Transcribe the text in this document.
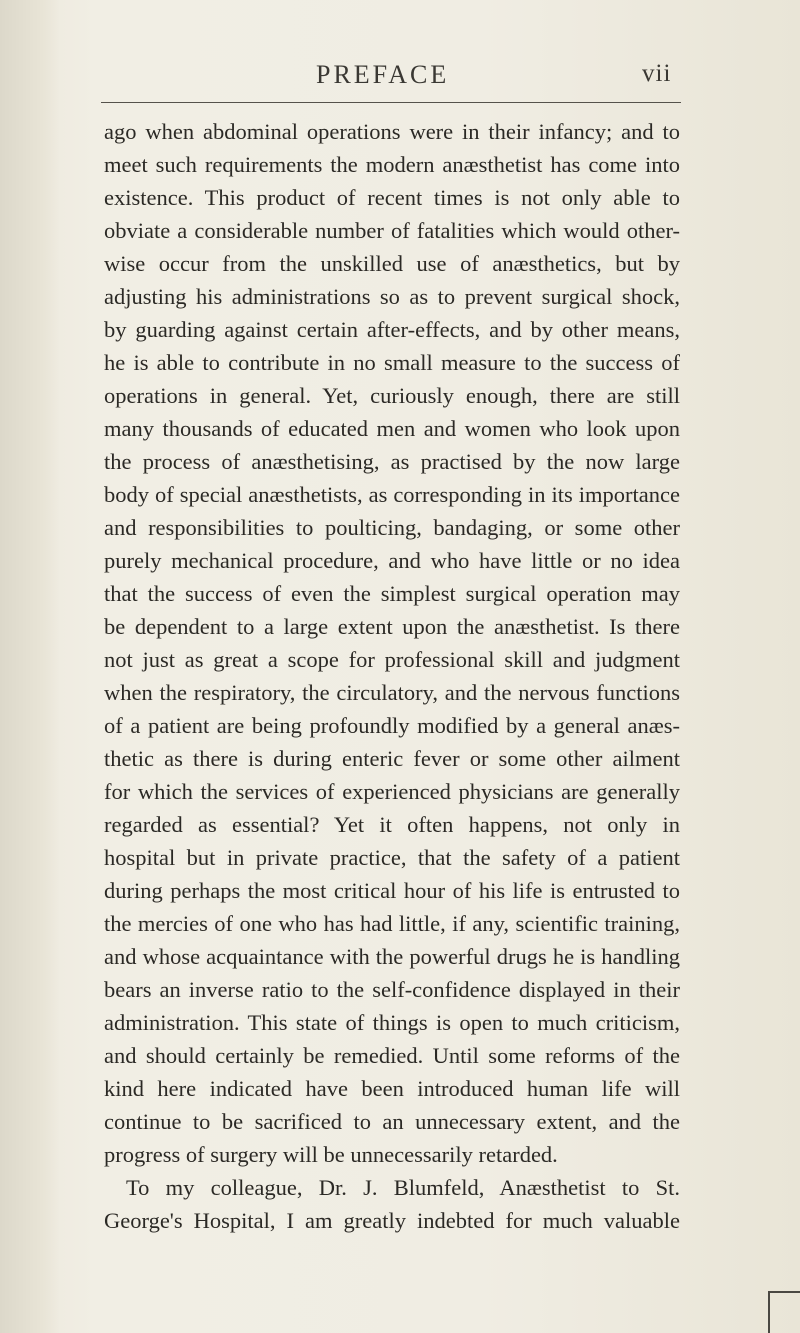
PREFACE	vii
ago when abdominal operations were in their infancy; and to
meet such requirements the modern anæsthetist has come into
existence. This product of recent times is not only able to
obviate a considerable number of fatalities which would other-
wise occur from the unskilled use of anæsthetics, but by
adjusting his administrations so as to prevent surgical shock,
by guarding against certain after-effects, and by other means,
he is able to contribute in no small measure to the success of
operations in general. Yet, curiously enough, there are still
many thousands of educated men and women who look upon
the process of anæsthetising, as practised by the now large
body of special anæsthetists, as corresponding in its importance
and responsibilities to poulticing, bandaging, or some other
purely mechanical procedure, and who have little or no idea
that the success of even the simplest surgical operation may
be dependent to a large extent upon the anæsthetist. Is there
not just as great a scope for professional skill and judgment
when the respiratory, the circulatory, and the nervous functions
of a patient are being profoundly modified by a general anæs-
thetic as there is during enteric fever or some other ailment
for which the services of experienced physicians are generally
regarded as essential? Yet it often happens, not only in
hospital but in private practice, that the safety of a patient
during perhaps the most critical hour of his life is entrusted to
the mercies of one who has had little, if any, scientific training,
and whose acquaintance with the powerful drugs he is handling
bears an inverse ratio to the self-confidence displayed in their
administration. This state of things is open to much criticism,
and should certainly be remedied. Until some reforms of the
kind here indicated have been introduced human life will
continue to be sacrificed to an unnecessary extent, and the
progress of surgery will be unnecessarily retarded.
To my colleague, Dr. J. Blumfeld, Anæsthetist to St.
George's Hospital, I am greatly indebted for much valuable
